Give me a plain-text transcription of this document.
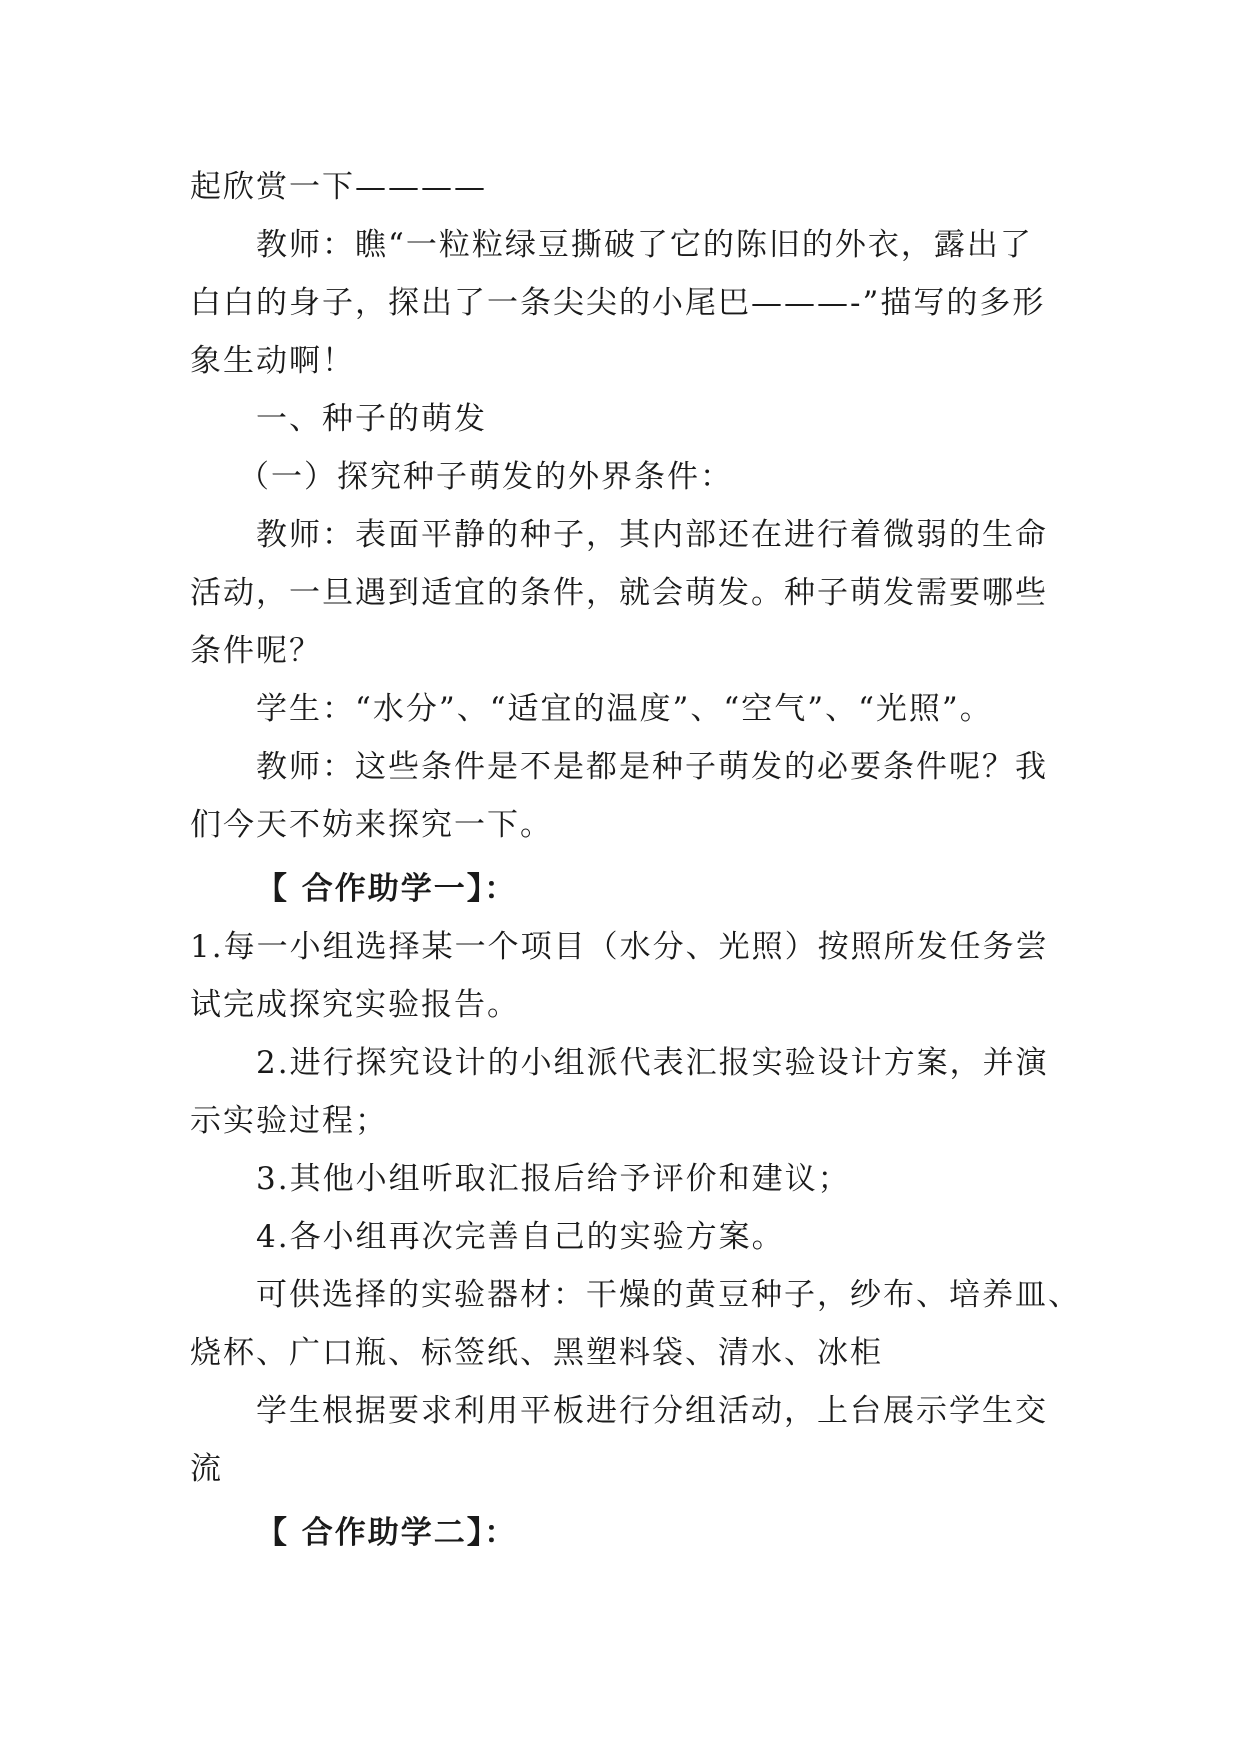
起欣赏一下————
教师：瞧“一粒粒绿豆撕破了它的陈旧的外衣，露出了
白白的身子，探出了一条尖尖的小尾巴———-”描写的多形
象生动啊！
一、种子的萌发
（一）探究种子萌发的外界条件：
教师：表面平静的种子，其内部还在进行着微弱的生命
活动，一旦遇到适宜的条件，就会萌发。种子萌发需要哪些
条件呢？
学生：“水分”、“适宜的温度”、“空气”、“光照”。
教师：这些条件是不是都是种子萌发的必要条件呢？我
们今天不妨来探究一下。
【 合作助学一】：
1.每一小组选择某一个项目（水分、光照）按照所发任务尝
试完成探究实验报告。
2.进行探究设计的小组派代表汇报实验设计方案，并演
示实验过程；
3.其他小组听取汇报后给予评价和建议；
4.各小组再次完善自己的实验方案。
可供选择的实验器材：干燥的黄豆种子，纱布、培养皿、
烧杯、广口瓶、标签纸、黑塑料袋、清水、冰柜
学生根据要求利用平板进行分组活动，上台展示学生交
流
【 合作助学二】：
